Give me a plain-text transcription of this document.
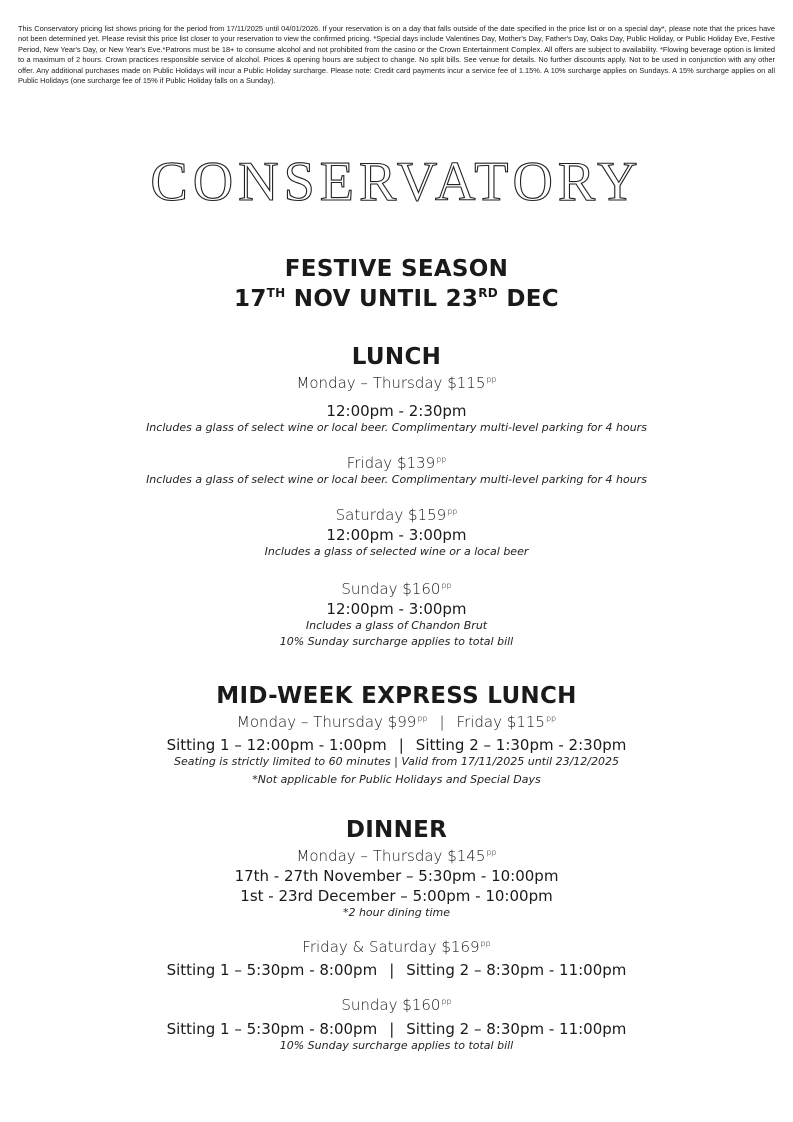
This Conservatory pricing list shows pricing for the period from 17/11/2025 until 04/01/2026. If your reservation is on a day that falls outside of the date specified in the price list or on a special day*, please note that the prices have not been determined yet. Please revisit this price list closer to your reservation to view the confirmed pricing. *Special days include Valentines Day, Mother's Day, Father's Day, Oaks Day, Public Holiday, or Public Holiday Eve, Festive Period, New Year's Day, or New Year's Eve.*Patrons must be 18+ to consume alcohol and not prohibited from the casino or the Crown Entertainment Complex. All offers are subject to availability. *Flowing beverage option is limited to a maximum of 2 hours. Crown practices responsible service of alcohol. Prices & opening hours are subject to change. No split bills. See venue for details. No further discounts apply. Not to be used in conjunction with any other offer. Any additional purchases made on Public Holidays will incur a Public Holiday surcharge. Please note: Credit card payments incur a service fee of 1.15%. A 10% surcharge applies on Sundays. A 15% surcharge applies on all Public Holidays (one surcharge fee of 15% if Public Holiday falls on a Sunday).
CONSERVATORY
FESTIVE SEASON
17TH NOV UNTIL 23RD DEC
LUNCH
Monday – Thursday $\$115^{pp}$
12:00pm - 2:30pm
Includes a glass of select wine or local beer. Complimentary multi-level parking for 4 hours
Friday $\$139^{pp}$
Includes a glass of select wine or local beer. Complimentary multi-level parking for 4 hours
Saturday $\$159^{pp}$
12:00pm - 3:00pm
Includes a glass of selected wine or a local beer
Sunday $\$160^{pp}$
12:00pm - 3:00pm
Includes a glass of Chandon Brut
10% Sunday surcharge applies to total bill
MID-WEEK EXPRESS LUNCH
Monday – Thursday $\$99^{pp}$ | Friday $\$115^{pp}$
Sitting 1 – 12:00pm - 1:00pm | Sitting 2 – 1:30pm - 2:30pm
Seating is strictly limited to 60 minutes | Valid from 17/11/2025 until 23/12/2025
*Not applicable for Public Holidays and Special Days
DINNER
Monday – Thursday $\$145^{pp}$
17th - 27th November – 5:30pm - 10:00pm
1st - 23rd December – 5:00pm - 10:00pm
*2 hour dining time
Friday & Saturday $\$169^{pp}$
Sitting 1 – 5:30pm - 8:00pm | Sitting 2 – 8:30pm - 11:00pm
Sunday $\$160^{pp}$
Sitting 1 – 5:30pm - 8:00pm | Sitting 2 – 8:30pm - 11:00pm
10% Sunday surcharge applies to total bill
